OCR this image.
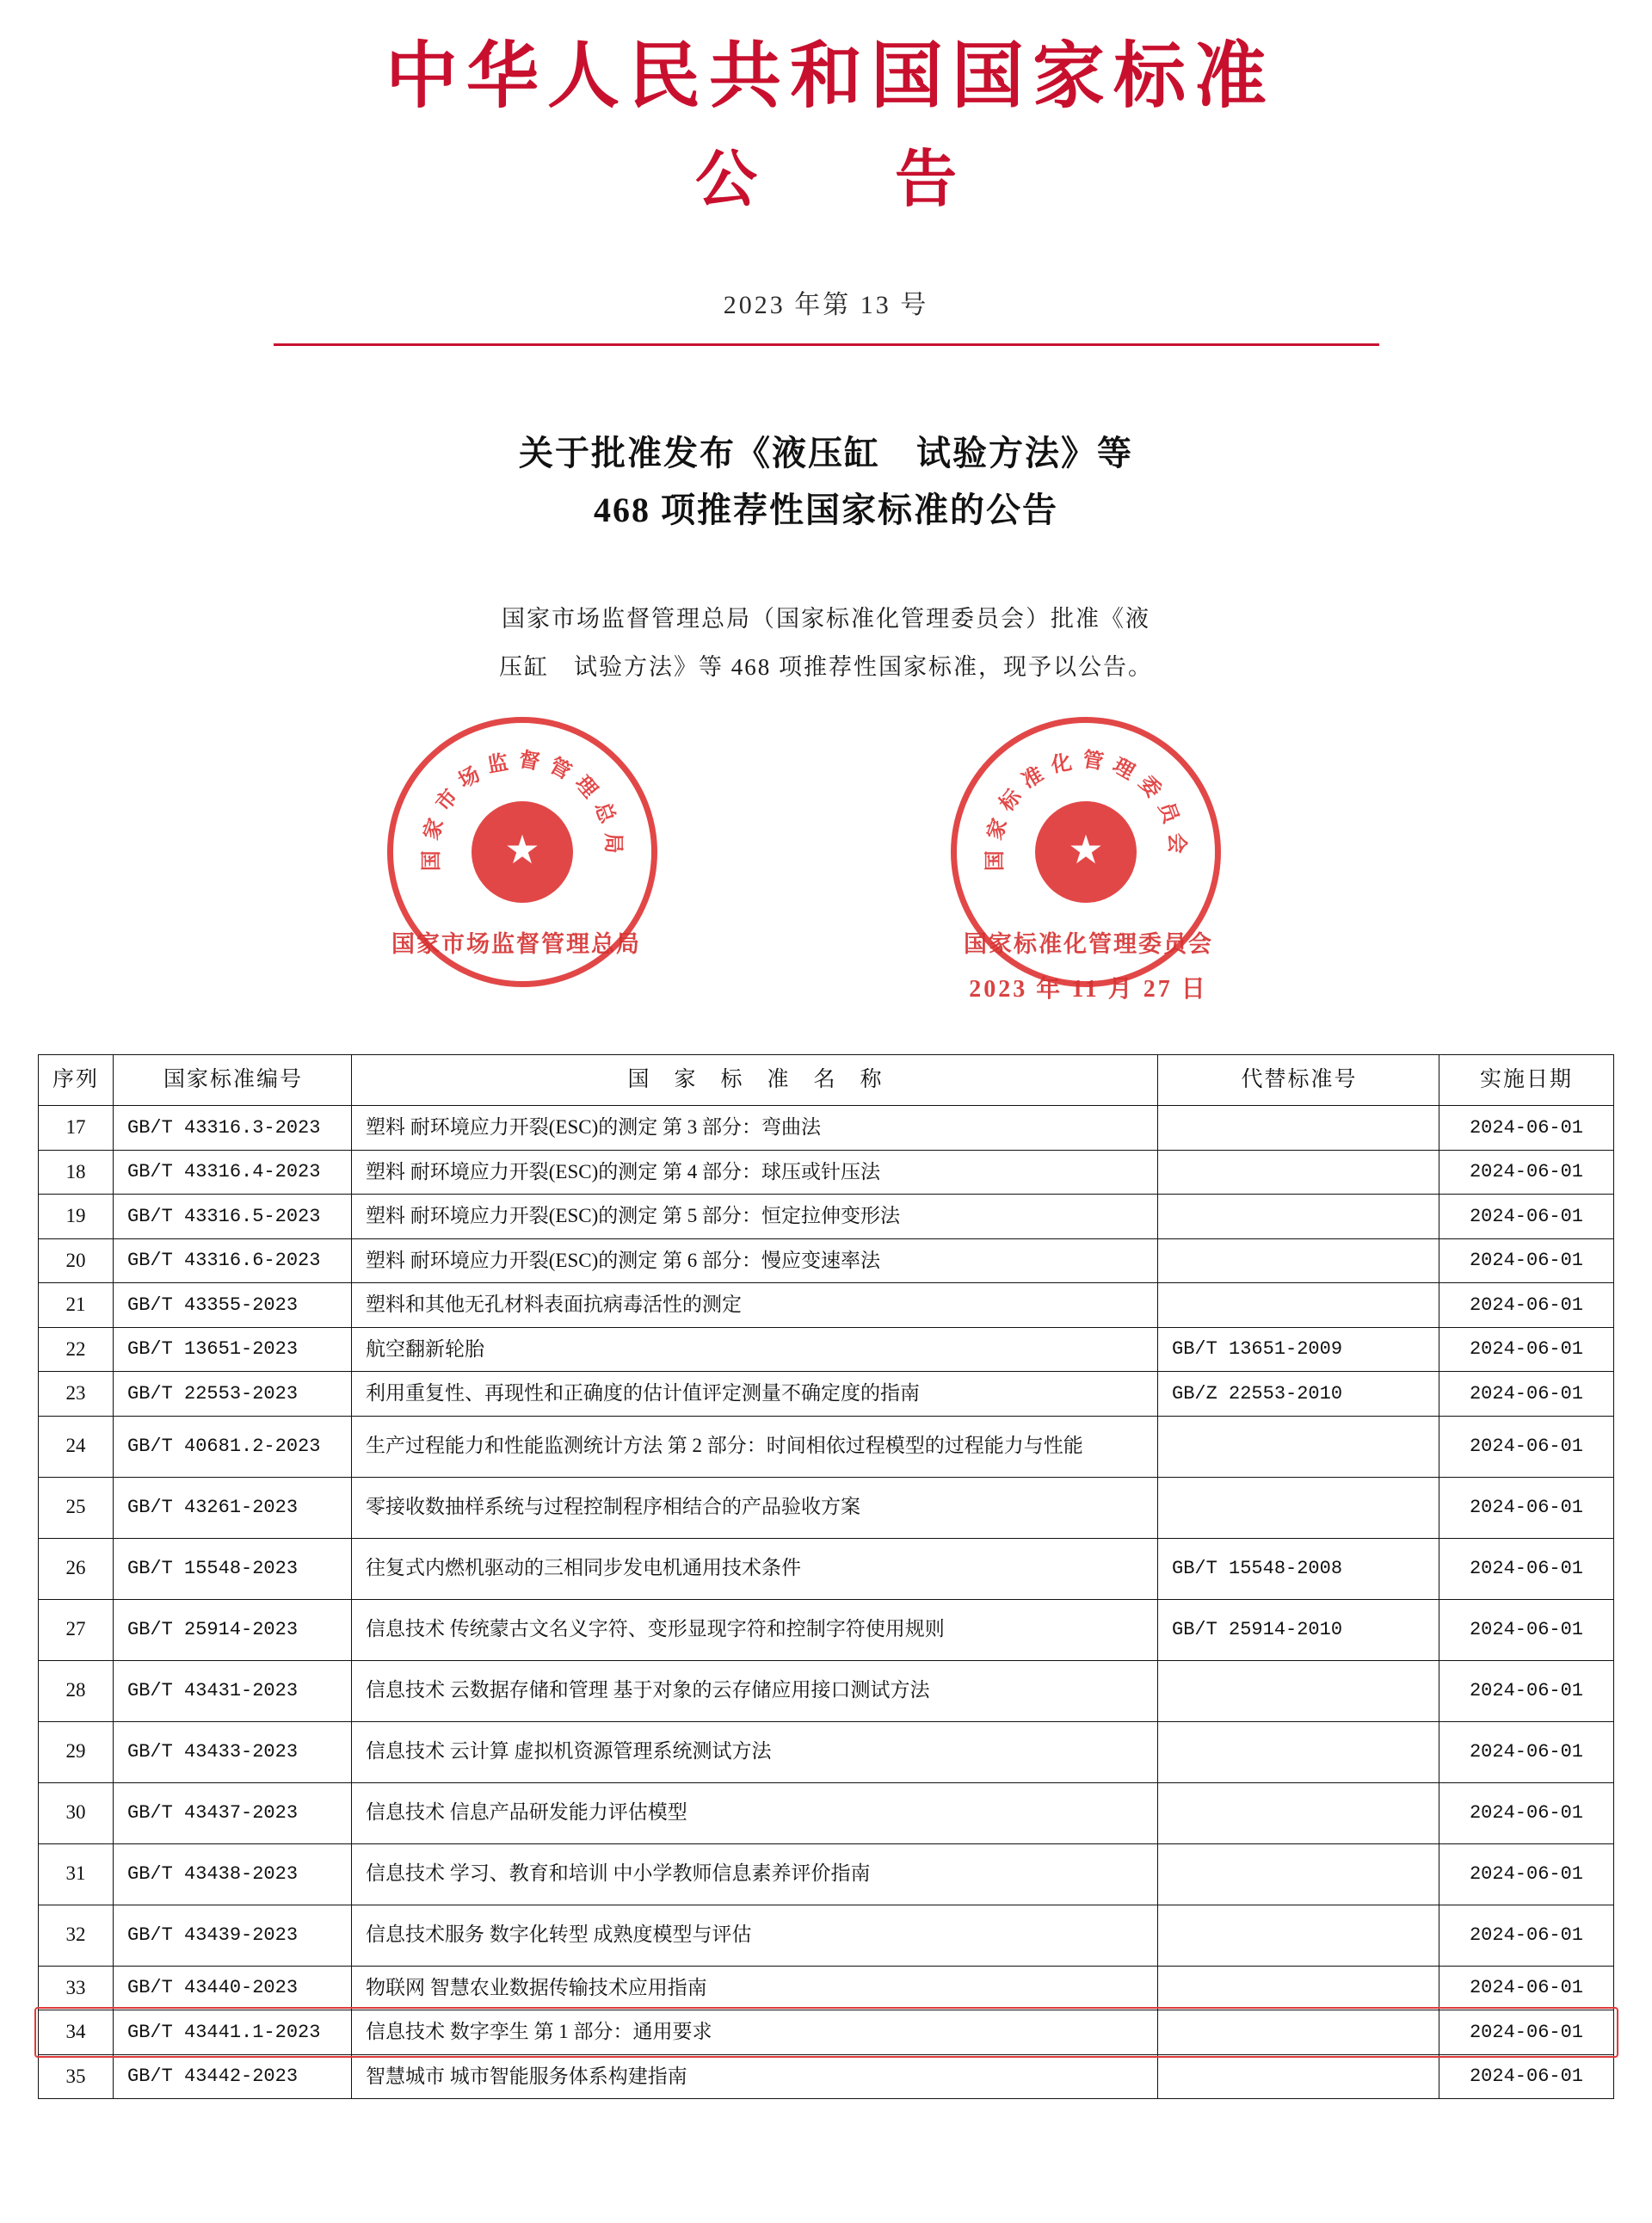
中华人民共和国国家标准
公　告
2023 年第 13 号
关于批准发布《液压缸　试验方法》等
468 项推荐性国家标准的公告
国家市场监督管理总局（国家标准化管理委员会）批准《液
压缸　试验方法》等 468 项推荐性国家标准，现予以公告。
国
家
市
场 监 督 管
理
总
局
★
国
家
标
准 化 管 理
委
员
会
★
国家市场监督管理总局	国家标准化管理委员会
2023 年 11 月 27 日
序列	国家标准编号	国　家　标　准　名　称	代替标准号	实施日期
17	GB/T 43316.3-2023	塑料 耐环境应力开裂(ESC)的测定 第 3 部分：弯曲法		2024-06-01
18	GB/T 43316.4-2023	塑料 耐环境应力开裂(ESC)的测定 第 4 部分：球压或针压法		2024-06-01
19	GB/T 43316.5-2023	塑料 耐环境应力开裂(ESC)的测定 第 5 部分：恒定拉伸变形法		2024-06-01
20	GB/T 43316.6-2023	塑料 耐环境应力开裂(ESC)的测定 第 6 部分：慢应变速率法		2024-06-01
21	GB/T 43355-2023	塑料和其他无孔材料表面抗病毒活性的测定		2024-06-01
22	GB/T 13651-2023	航空翻新轮胎	GB/T 13651-2009	2024-06-01
23	GB/T 22553-2023	利用重复性、再现性和正确度的估计值评定测量不确定度的指南	GB/Z 22553-2010	2024-06-01
24	GB/T 40681.2-2023	生产过程能力和性能监测统计方法 第 2 部分：时间相依过程模型的过程能力与性能		2024-06-01
25	GB/T 43261-2023	零接收数抽样系统与过程控制程序相结合的产品验收方案		2024-06-01
26	GB/T 15548-2023	往复式内燃机驱动的三相同步发电机通用技术条件	GB/T 15548-2008	2024-06-01
27	GB/T 25914-2023	信息技术 传统蒙古文名义字符、变形显现字符和控制字符使用规则	GB/T 25914-2010	2024-06-01
28	GB/T 43431-2023	信息技术 云数据存储和管理 基于对象的云存储应用接口测试方法		2024-06-01
29	GB/T 43433-2023	信息技术 云计算 虚拟机资源管理系统测试方法		2024-06-01
30	GB/T 43437-2023	信息技术 信息产品研发能力评估模型		2024-06-01
31	GB/T 43438-2023	信息技术 学习、教育和培训 中小学教师信息素养评价指南		2024-06-01
32	GB/T 43439-2023	信息技术服务 数字化转型 成熟度模型与评估		2024-06-01
33	GB/T 43440-2023	物联网 智慧农业数据传输技术应用指南		2024-06-01
34	GB/T 43441.1-2023	信息技术 数字孪生 第 1 部分：通用要求		2024-06-01
35	GB/T 43442-2023	智慧城市 城市智能服务体系构建指南		2024-06-01
